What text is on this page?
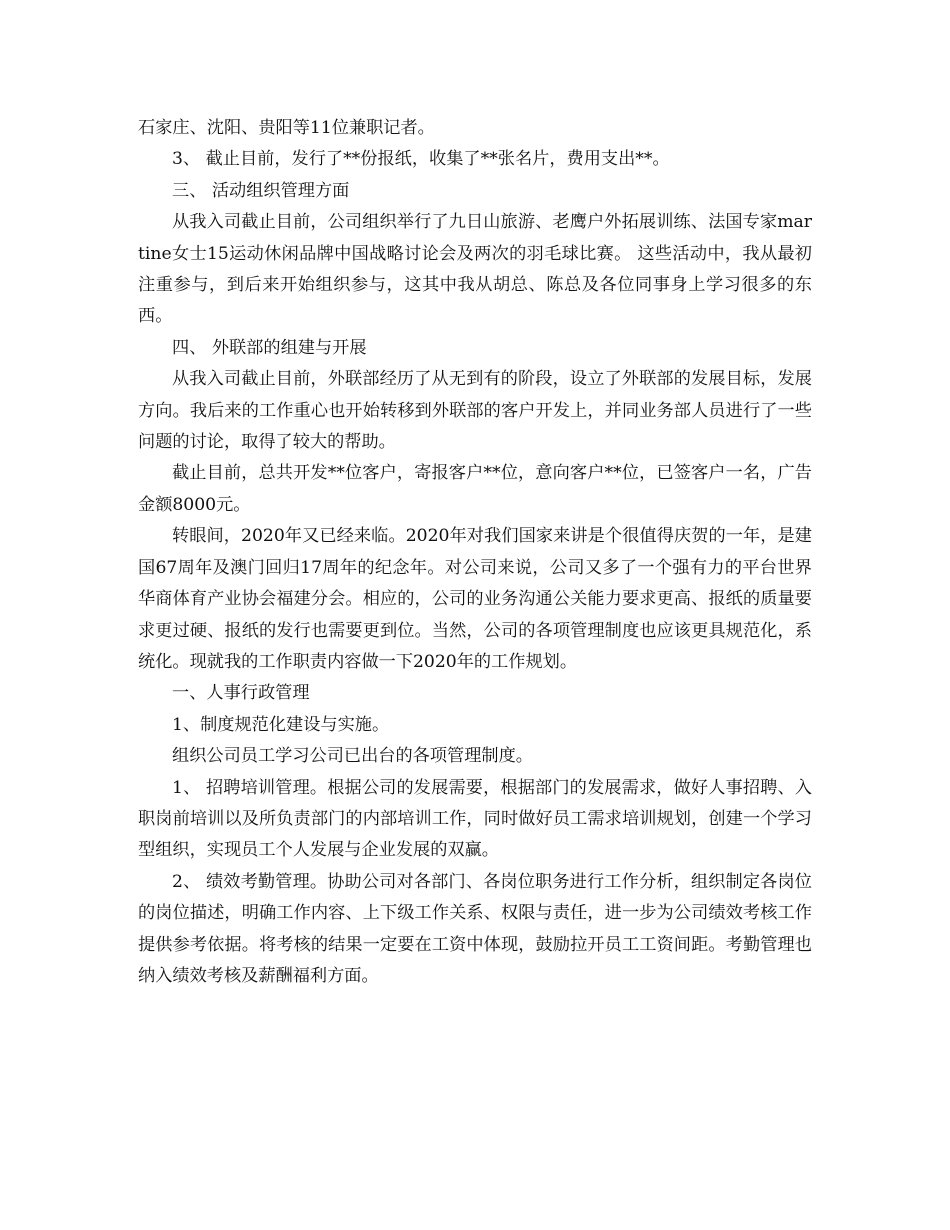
石家庄、沈阳、贵阳等11位兼职记者。

3、 截止目前，发行了**份报纸，收集了**张名片，费用支出**。

三、 活动组织管理方面

从我入司截止目前，公司组织举行了九日山旅游、老鹰户外拓展训练、法国专家martine女士15运动休闲品牌中国战略讨论会及两次的羽毛球比赛。 这些活动中，我从最初注重参与，到后来开始组织参与，这其中我从胡总、陈总及各位同事身上学习很多的东西。

四、 外联部的组建与开展

从我入司截止目前，外联部经历了从无到有的阶段，设立了外联部的发展目标，发展方向。我后来的工作重心也开始转移到外联部的客户开发上，并同业务部人员进行了一些问题的讨论，取得了较大的帮助。

截止目前，总共开发**位客户，寄报客户**位，意向客户**位，已签客户一名，广告金额8000元。

转眼间，2020年又已经来临。2020年对我们国家来讲是个很值得庆贺的一年，是建国67周年及澳门回归17周年的纪念年。对公司来说，公司又多了一个强有力的平台世界华商体育产业协会福建分会。相应的，公司的业务沟通公关能力要求更高、报纸的质量要求更过硬、报纸的发行也需要更到位。当然，公司的各项管理制度也应该更具规范化，系统化。现就我的工作职责内容做一下2020年的工作规划。

一、人事行政管理

1、制度规范化建设与实施。

组织公司员工学习公司已出台的各项管理制度。

1、 招聘培训管理。根据公司的发展需要，根据部门的发展需求，做好人事招聘、入职岗前培训以及所负责部门的内部培训工作，同时做好员工需求培训规划，创建一个学习型组织，实现员工个人发展与企业发展的双赢。

2、 绩效考勤管理。协助公司对各部门、各岗位职务进行工作分析，组织制定各岗位的岗位描述，明确工作内容、上下级工作关系、权限与责任，进一步为公司绩效考核工作提供参考依据。将考核的结果一定要在工资中体现，鼓励拉开员工工资间距。考勤管理也纳入绩效考核及薪酬福利方面。
